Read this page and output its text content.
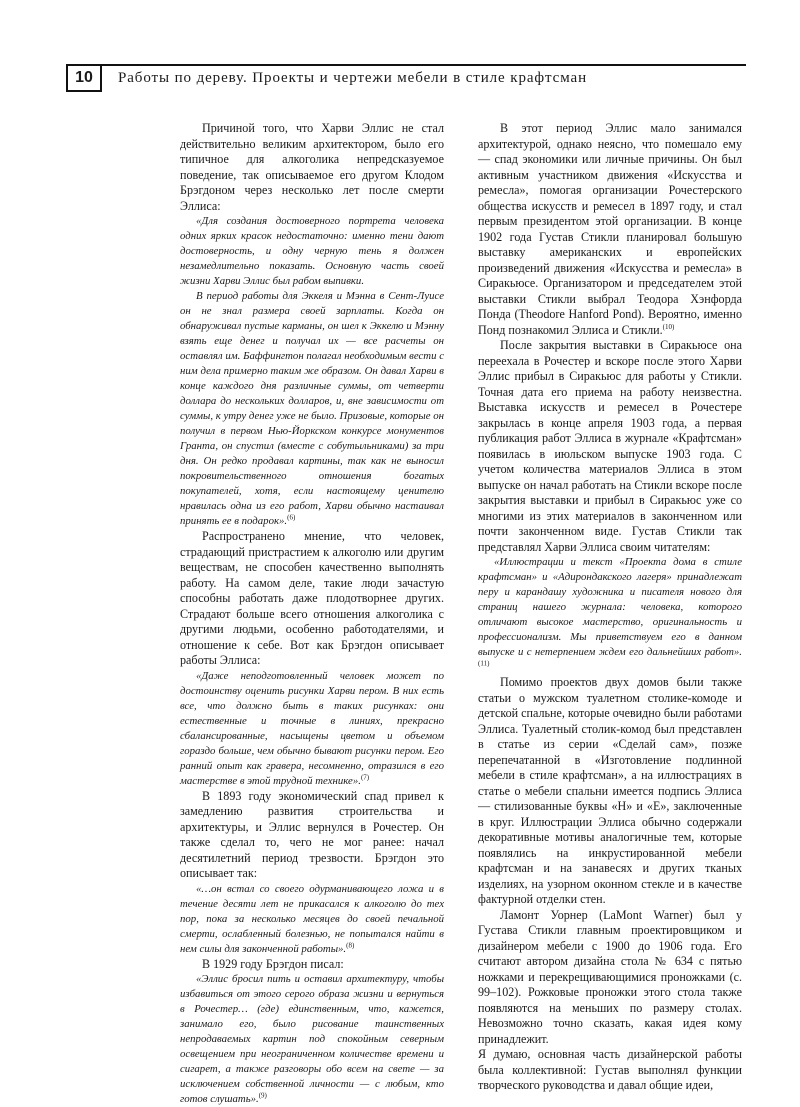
10	Работы по дереву. Проекты и чертежи мебели в стиле крафтсман

Причиной того, что Харви Эллис не стал действительно великим архитектором, было его типичное для алкоголика непредсказуемое поведение, так описываемое его другом Клодом Брэгдоном через несколько лет после смерти Эллиса:

«Для создания достоверного портрета человека одних ярких красок недостаточно: именно тени дают достоверность, и одну черную тень я должен незамедлительно показать. Основную часть своей жизни Харви Эллис был рабом выпивки.

В период работы для Эккеля и Мэнна в Сент-Луисе он не знал размера своей зарплаты. Когда он обнаруживал пустые карманы, он шел к Эккелю и Мэнну взять еще денег и получал их — все расчеты он оставлял им. Баффингтон полагал необходимым вести с ним дела примерно таким же образом. Он давал Харви в конце каждого дня различные суммы, от четверти доллара до нескольких долларов, и, вне зависимости от суммы, к утру денег уже не было. Призовые, которые он получил в первом Нью-Йоркском конкурсе монументов Гранта, он спустил (вместе с собутыльниками) за три дня. Он редко продавал картины, так как не выносил покровительственного отношения богатых покупателей, хотя, если настоящему ценителю нравилась одна из его работ, Харви обычно настаивал принять ее в подарок».$^{(6)}$

Распространено мнение, что человек, страдающий пристрастием к алкоголю или другим веществам, не способен качественно выполнять работу. На самом деле, такие люди зачастую способны работать даже плодотворнее других. Страдают больше всего отношения алкоголика с другими людьми, особенно работодателями, и отношение к себе. Вот как Брэгдон описывает работы Эллиса:

«Даже неподготовленный человек может по достоинству оценить рисунки Харви пером. В них есть все, что должно быть в таких рисунках: они естественные и точные в линиях, прекрасно сбалансированные, насыщены цветом и объемом гораздо больше, чем обычно бывают рисунки пером. Его ранний опыт как гравера, несомненно, отразился в его мастерстве в этой трудной технике».$^{(7)}$

В 1893 году экономический спад привел к замедлению развития строительства и архитектуры, и Эллис вернулся в Рочестер. Он также сделал то, чего не мог ранее: начал десятилетний период трезвости. Брэгдон это описывает так:

«…он встал со своего одурманивающего ложа и в течение десяти лет не прикасался к алкоголю до тех пор, пока за несколько месяцев до своей печальной смерти, ослабленный болезнью, не попытался найти в нем силы для законченной работы».$^{(8)}$

В 1929 году Брэгдон писал:

«Эллис бросил пить и оставил архитектуру, чтобы избавиться от этого серого образа жизни и вернуться в Рочестер… (где) единственным, что, кажется, занимало его, было рисование таинственных непродаваемых картин под спокойным северным освещением при неограниченном количестве времени и сигарет, а также разговоры обо всем на свете — за исключением собственной личности — с любым, кто готов слушать».$^{(9)}$

В этот период Эллис мало занимался архитектурой, однако неясно, что помешало ему — спад экономики или личные причины. Он был активным участником движения «Искусства и ремесла», помогая организации Рочестерского общества искусств и ремесел в 1897 году, и стал первым президентом этой организации. В конце 1902 года Густав Стикли планировал большую выставку американских и европейских произведений движения «Искусства и ремесла» в Сиракьюсе. Организатором и председателем этой выставки Стикли выбрал Теодора Хэнфорда Понда (Theodore Hanford Pond). Вероятно, именно Понд познакомил Эллиса и Стикли.$^{(10)}$

После закрытия выставки в Сиракьюсе она переехала в Рочестер и вскоре после этого Харви Эллис прибыл в Сиракьюс для работы у Стикли. Точная дата его приема на работу неизвестна. Выставка искусств и ремесел в Рочестере закрылась в конце апреля 1903 года, а первая публикация работ Эллиса в журнале «Крафтсман» появилась в июльском выпуске 1903 года. С учетом количества материалов Эллиса в этом выпуске он начал работать на Стикли вскоре после закрытия выставки и прибыл в Сиракьюс уже со многими из этих материалов в законченном или почти законченном виде. Густав Стикли так представлял Харви Эллиса своим читателям:

«Иллюстрации и текст «Проекта дома в стиле крафтсман» и «Адирондакского лагеря» принадлежат перу и карандашу художника и писателя нового для страниц нашего журнала: человека, которого отличают высокое мастерство, оригинальность и профессионализм. Мы приветствуем его в данном выпуске и с нетерпением ждем его дальнейших работ».$^{(11)}$

Помимо проектов двух домов были также статьи о мужском туалетном столике-комоде и детской спальне, которые очевидно были работами Эллиса. Туалетный столик-комод был представлен в статье из серии «Сделай сам», позже перепечатанной в «Изготовление подлинной мебели в стиле крафтсман», а на иллюстрациях в статье о мебели спальни имеется подпись Эллиса — стилизованные буквы «Н» и «Е», заключенные в круг. Иллюстрации Эллиса обычно содержали декоративные мотивы аналогичные тем, которые появлялись на инкрустированной мебели крафтсман и на занавесях и других тканых изделиях, на узорном оконном стекле и в качестве фактурной отделки стен.

Ламонт Уорнер (LaMont Warner) был у Густава Стикли главным проектировщиком и дизайнером мебели с 1900 до 1906 года. Его считают автором дизайна стола № 634 с пятью ножками и перекрещивающимися проножками (с. 99–102). Рожковые проножки этого стола также появляются на меньших по размеру столах. Невозможно точно сказать, какая идея кому принадлежит.

Я думаю, основная часть дизайнерской работы была коллективной: Густав выполнял функции творческого руководства и давал общие идеи,
